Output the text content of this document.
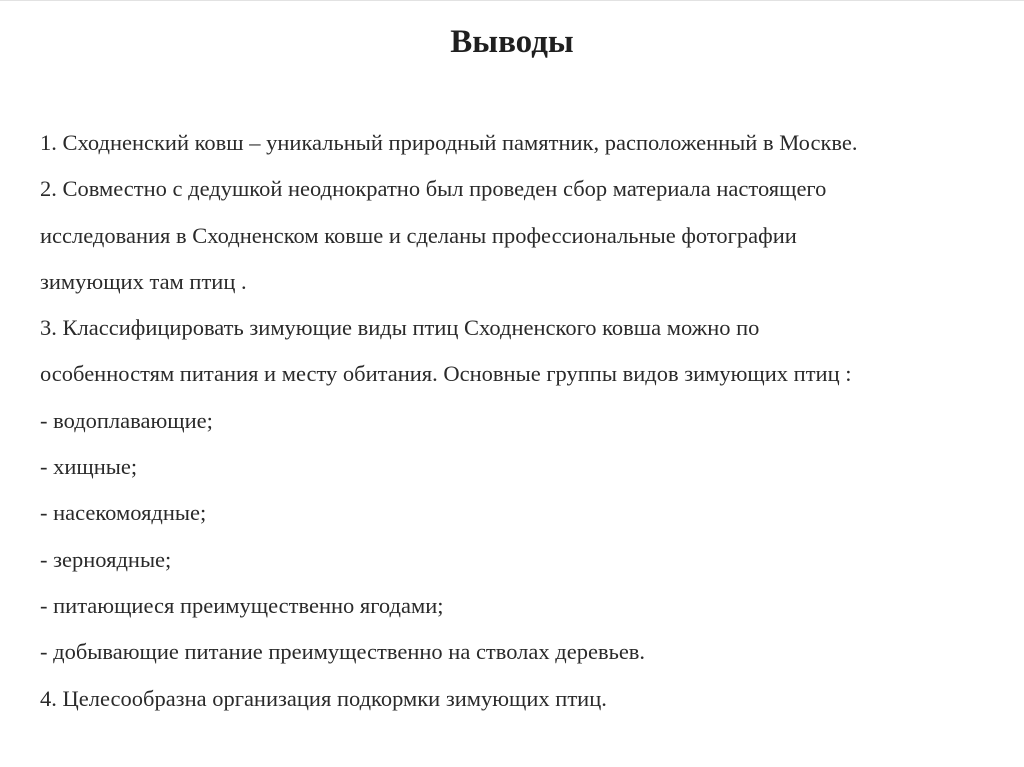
Выводы

1. Сходненский ковш – уникальный природный памятник, расположенный в Москве.

2. Совместно с дедушкой неоднократно был проведен сбор материала настоящего

исследования в Сходненском ковше и сделаны профессиональные фотографии

зимующих там птиц .

3. Классифицировать зимующие виды птиц Сходненского ковша можно по

особенностям питания и месту обитания. Основные группы видов зимующих птиц :

- водоплавающие;

- хищные;

- насекомоядные;

- зерноядные;

- питающиеся преимущественно ягодами;

- добывающие питание преимущественно на стволах деревьев.

4. Целесообразна организация подкормки зимующих птиц.
